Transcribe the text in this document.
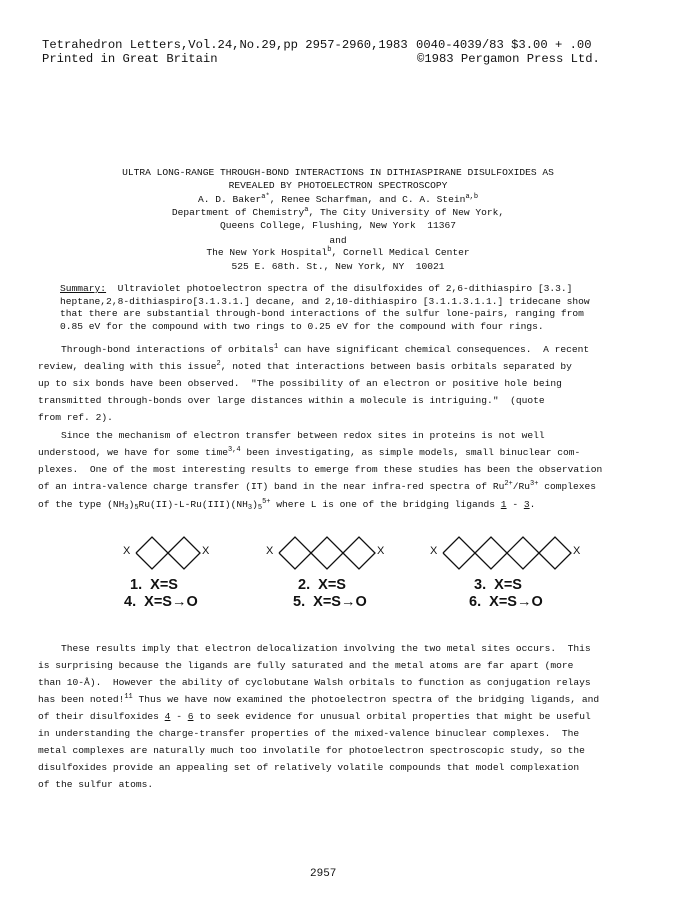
Tetrahedron Letters,Vol.24,No.29,pp 2957-2960,1983 0040-4039/83 $3.00 + .00
Printed in Great Britain	©1983 Pergamon Press Ltd.
ULTRA LONG-RANGE THROUGH-BOND INTERACTIONS IN DITHIASPIRANE DISULFOXIDES AS
REVEALED BY PHOTOELECTRON SPECTROSCOPY
A. D. Baker$^{a*}$, Renee Scharfman, and C. A. Stein$^{a,b}$
Department of Chemistry$^a$, The City University of New York,
Queens College, Flushing, New York  11367
and
The New York Hospital$^b$, Cornell Medical Center
525 E. 68th. St., New York, NY  10021
Summary:  Ultraviolet photoelectron spectra of the disulfoxides of 2,6-dithiaspiro [3.3.]
heptane,2,8-dithiaspiro[3.1.3.1.] decane, and 2,10-dithiaspiro [3.1.1.3.1.1.] tridecane show
that there are substantial through-bond interactions of the sulfur lone-pairs, ranging from
0.85 eV for the compound with two rings to 0.25 eV for the compound with four rings.
Through-bond interactions of orbitals$^1$ can have significant chemical consequences.  A recent
review, dealing with this issue$^2$, noted that interactions between basis orbitals separated by
up to six bonds have been observed.  "The possibility of an electron or positive hole being
transmitted through-bonds over large distances within a molecule is intriguing."  (quote
from ref. 2).
Since the mechanism of electron transfer between redox sites in proteins is not well
understood, we have for some time$^{3,4}$ been investigating, as simple models, small binuclear com-
plexes.  One of the most interesting results to emerge from these studies has been the observation
of an intra-valence charge transfer (IT) band in the near infra-red spectra of $Ru^{2+}/Ru^{3+}$ complexes
of the type $(NH_3)_5Ru(II)-L-Ru(III)(NH_3)_5^{5+}$ where L is one of the bridging ligands 1 - 3.
X	X	X	X	X	X
1.  X=S
4.  X=S→O
2.  X=S
5.  X=S→O
3.  X=S
6.  X=S→O
These results imply that electron delocalization involving the two metal sites occurs.  This
is surprising because the ligands are fully saturated and the metal atoms are far apart (more
than 10-Å).  However the ability of cyclobutane Walsh orbitals to function as conjugation relays
has been noted!$^{11}$ Thus we have now examined the photoelectron spectra of the bridging ligands, and
of their disulfoxides 4 - 6 to seek evidence for unusual orbital properties that might be useful
in understanding the charge-transfer properties of the mixed-valence binuclear complexes.  The
metal complexes are naturally much too involatile for photoelectron spectroscopic study, so the
disulfoxides provide an appealing set of relatively volatile compounds that model complexation
of the sulfur atoms.
2957
